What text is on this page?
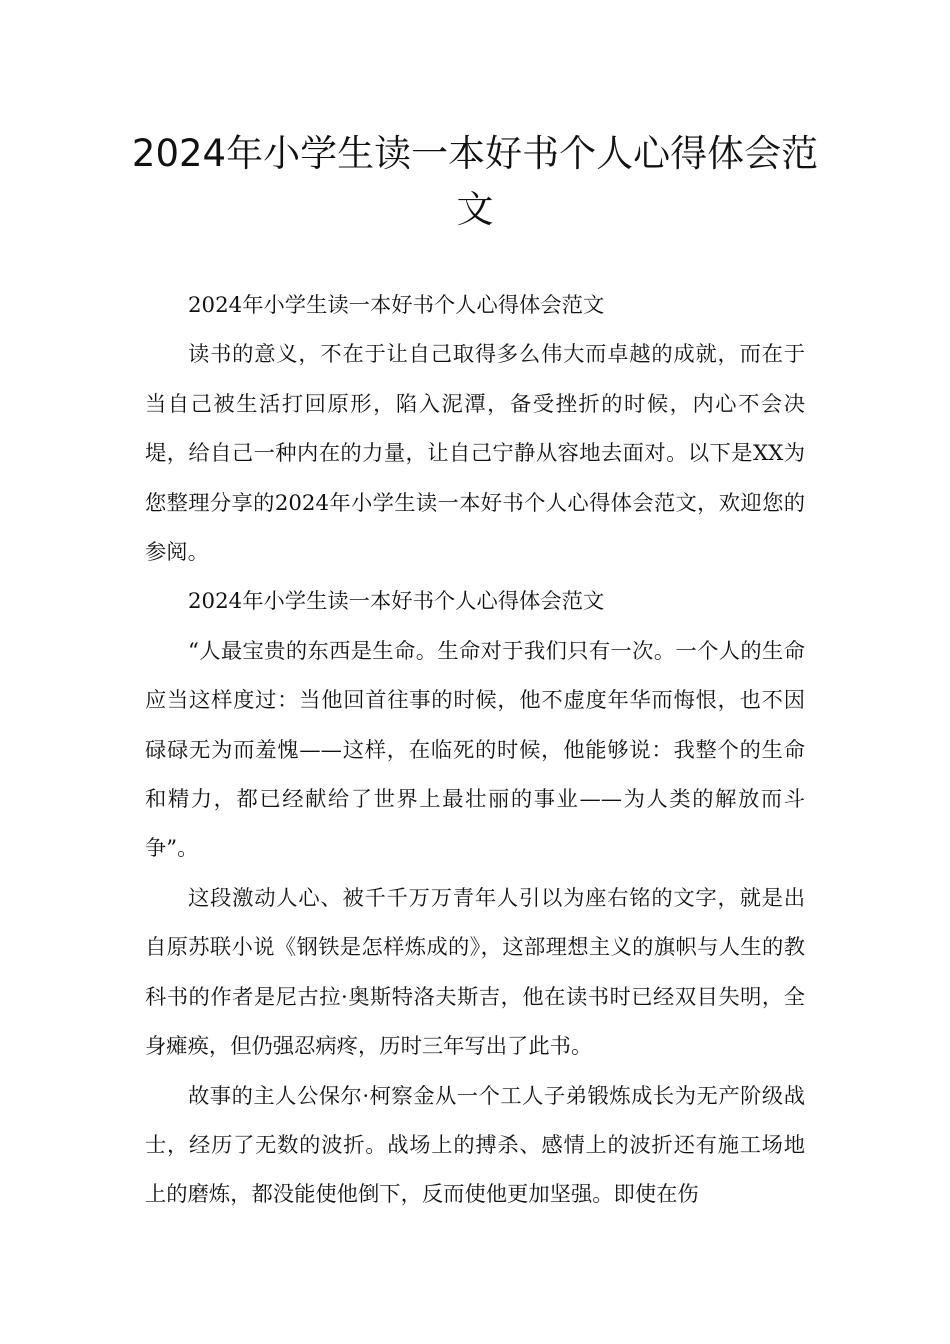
2024年小学生读一本好书个人心得体会范文

2024年小学生读一本好书个人心得体会范文

读书的意义，不在于让自己取得多么伟大而卓越的成就，而在于当自己被生活打回原形，陷入泥潭，备受挫折的时候，内心不会决堤，给自己一种内在的力量，让自己宁静从容地去面对。以下是XX为您整理分享的2024年小学生读一本好书个人心得体会范文，欢迎您的参阅。

2024年小学生读一本好书个人心得体会范文

“人最宝贵的东西是生命。生命对于我们只有一次。一个人的生命应当这样度过：当他回首往事的时候，他不虚度年华而悔恨，也不因碌碌无为而羞愧——这样，在临死的时候，他能够说：我整个的生命和精力，都已经献给了世界上最壮丽的事业——为人类的解放而斗争”。

这段激动人心、被千千万万青年人引以为座右铭的文字，就是出自原苏联小说《钢铁是怎样炼成的》，这部理想主义的旗帜与人生的教科书的作者是尼古拉·奥斯特洛夫斯吉，他在读书时已经双目失明，全身瘫痪，但仍强忍病疼，历时三年写出了此书。

故事的主人公保尔·柯察金从一个工人子弟锻炼成长为无产阶级战士，经历了无数的波折。战场上的搏杀、感情上的波折还有施工场地上的磨炼，都没能使他倒下，反而使他更加坚强。即使在伤
